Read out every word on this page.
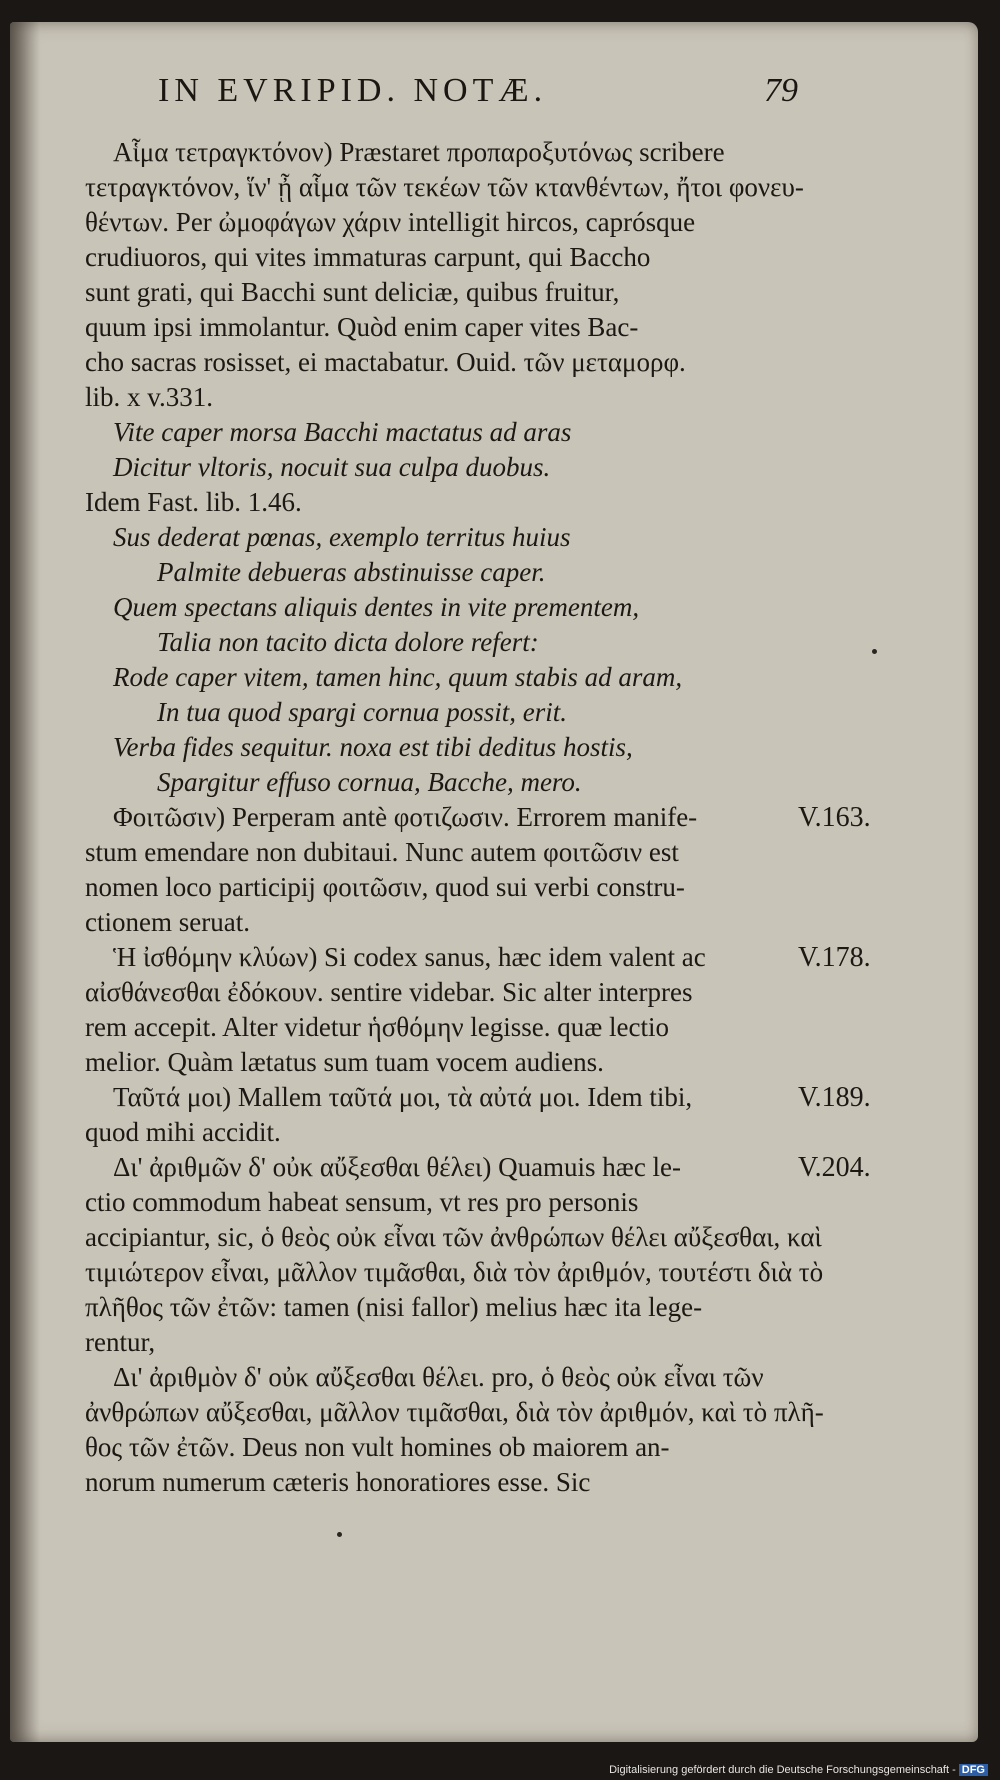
IN EVRIPID. NOTÆ.	79
Αἷμα τετραγκτόνον) Præstaret προπαροξυτόνως scribere
τετραγκτόνον, ἵν' ᾖ αἷμα τῶν τεκέων τῶν κτανθέντων, ἤτοι φονευ-
θέντων. Per ὠμοφάγων χάριν intelligit hircos, caprósque
crudiuoros, qui vites immaturas carpunt, qui Baccho
sunt grati, qui Bacchi sunt deliciæ, quibus fruitur,
quum ipsi immolantur. Quòd enim caper vites Bac-
cho sacras rosisset, ei mactabatur. Ouid. τῶν μεταμορφ.
lib. x v.331.
Vite caper morsa Bacchi mactatus ad aras
Dicitur vltoris, nocuit sua culpa duobus.
Idem Fast. lib. 1.46.
Sus dederat pœnas, exemplo territus huius
Palmite debueras abstinuisse caper.
Quem spectans aliquis dentes in vite prementem,
Talia non tacito dicta dolore refert:
Rode caper vitem, tamen hinc, quum stabis ad aram,
In tua quod spargi cornua possit, erit.
Verba fides sequitur. noxa est tibi deditus hostis,
Spargitur effuso cornua, Bacche, mero.
Φοιτῶσιν) Perperam antè φοτιζωσιν. Errorem manife-	V.163.
stum emendare non dubitaui. Nunc autem φοιτῶσιν est
nomen loco participij φοιτῶσιν, quod sui verbi constru-
ctionem seruat.
Ἡ ἰσθόμην κλύων) Si codex sanus, hæc idem valent ac	V.178.
αἰσθάνεσθαι ἐδόκουν. sentire videbar. Sic alter interpres
rem accepit. Alter videtur ἡσθόμην legisse. quæ lectio
melior. Quàm lætatus sum tuam vocem audiens.
Ταῦτά μοι) Mallem ταῦτά μοι, τὰ αὐτά μοι. Idem tibi,	V.189.
quod mihi accidit.
Δι' ἀριθμῶν δ' οὐκ αὔξεσθαι θέλει) Quamuis hæc le-	V.204.
ctio commodum habeat sensum, vt res pro personis
accipiantur, sic, ὁ θεὸς οὐκ εἶναι τῶν ἀνθρώπων θέλει αὔξεσθαι, καὶ
τιμιώτερον εἶναι, μᾶλλον τιμᾶσθαι, διὰ τὸν ἀριθμόν, τουτέστι διὰ τὸ
πλῆθος τῶν ἐτῶν: tamen (nisi fallor) melius hæc ita lege-
rentur,
Δι' ἀριθμὸν δ' οὐκ αὔξεσθαι θέλει. pro, ὁ θεὸς οὐκ εἶναι τῶν
ἀνθρώπων αὔξεσθαι, μᾶλλον τιμᾶσθαι, διὰ τὸν ἀριθμόν, καὶ τὸ πλῆ-
θος τῶν ἐτῶν. Deus non vult homines ob maiorem an-
norum numerum cæteris honoratiores esse. Sic
Digitalisierung gefördert durch die Deutsche Forschungsgemeinschaft - DFG
